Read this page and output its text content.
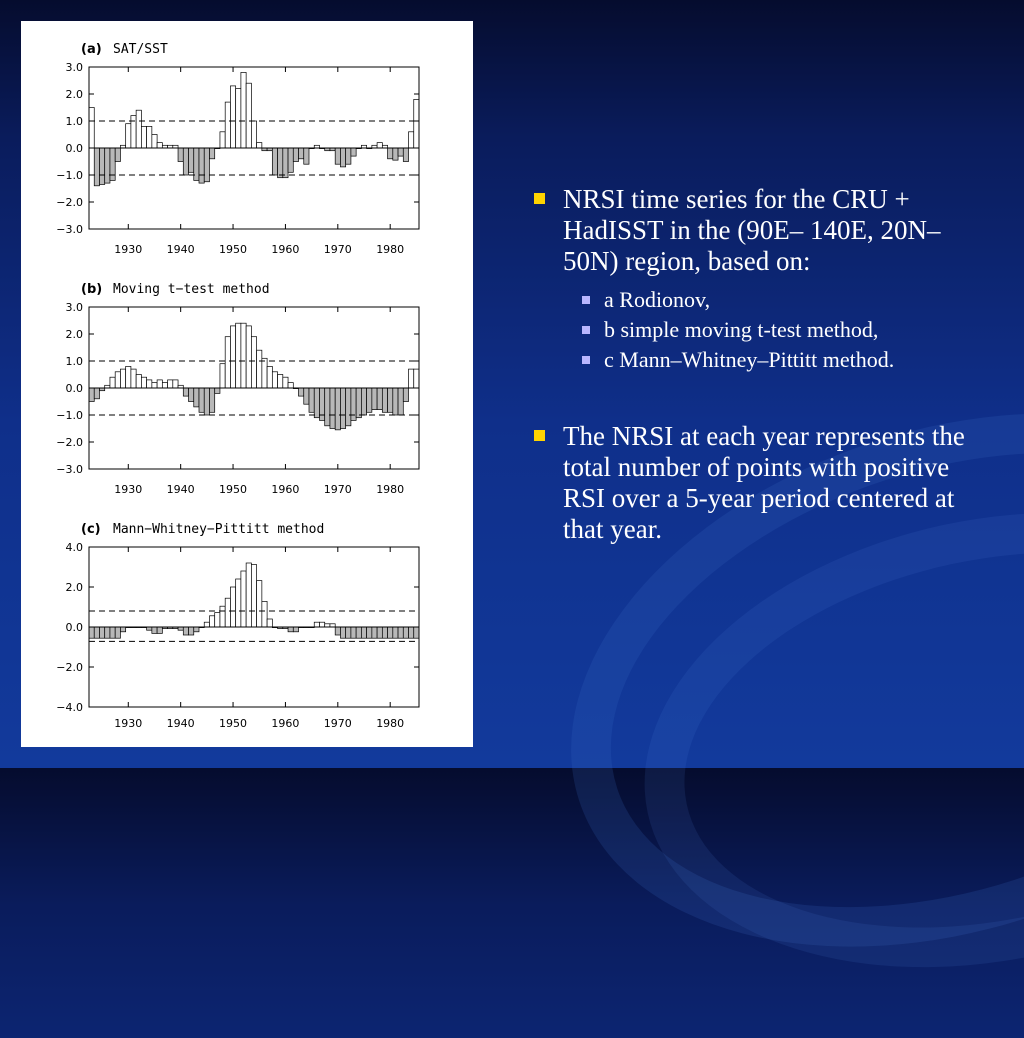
(a) SAT/SST
3.0
2.0
1.0
0.0
−1.0
−2.0
−3.0
1930 1940 1950 1960 1970 1980
(b) Moving t−test method
3.0
2.0
1.0
0.0
−1.0
−2.0
−3.0
1930 1940 1950 1960 1970 1980
(c) Mann−Whitney−Pittitt method
4.0
2.0
0.0
−2.0
−4.0
1930 1940 1950 1960 1970 1980
NRSI time series for the CRU + HadISST in the (90E– 140E, 20N–50N) region, based on:
a Rodionov,
b simple moving t-test method,
c Mann–Whitney–Pittitt method.
The NRSI at each year represents the total number of points with positive RSI over a 5-year period centered at that year.
